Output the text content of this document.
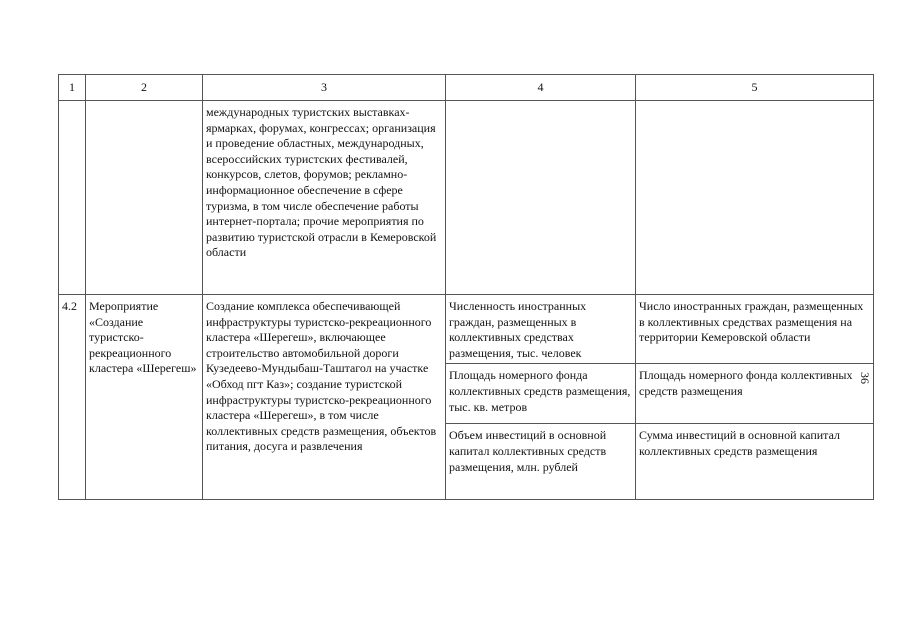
1	2	3	4	5
		международных туристских выставках-ярмарках, форумах, конгрессах; организация и проведение областных, международных, всероссийских туристских фестивалей, конкурсов, слетов, форумов; рекламно-информационное обеспечение в сфере туризма, в том числе обеспечение работы интернет-портала; прочие мероприятия по развитию туристской отрасли в Кемеровской области		
4.2	Мероприятие «Создание туристско-рекреационного кластера «Шерегеш»	Создание комплекса обеспечивающей инфраструктуры туристско-рекреационного кластера «Шерегеш», включающее строительство автомобильной дороги Кузедеево-Мундыбаш-Таштагол на участке «Обход пгт Каз»; создание туристской инфраструктуры туристско-рекреационного кластера «Шерегеш», в том числе коллективных средств размещения, объектов питания, досуга и развлечения	Численность иностранных граждан, размещенных в коллективных средствах размещения, тыс. человек	Число иностранных граждан, размещенных в коллективных средствах размещения на территории Кемеровской области
			Площадь номерного фонда коллективных средств размещения, тыс. кв. метров	Площадь номерного фонда коллективных средств размещения
			Объем инвестиций в основной капитал коллективных средств размещения, млн. рублей	Сумма инвестиций в основной капитал коллективных средств размещения
36
